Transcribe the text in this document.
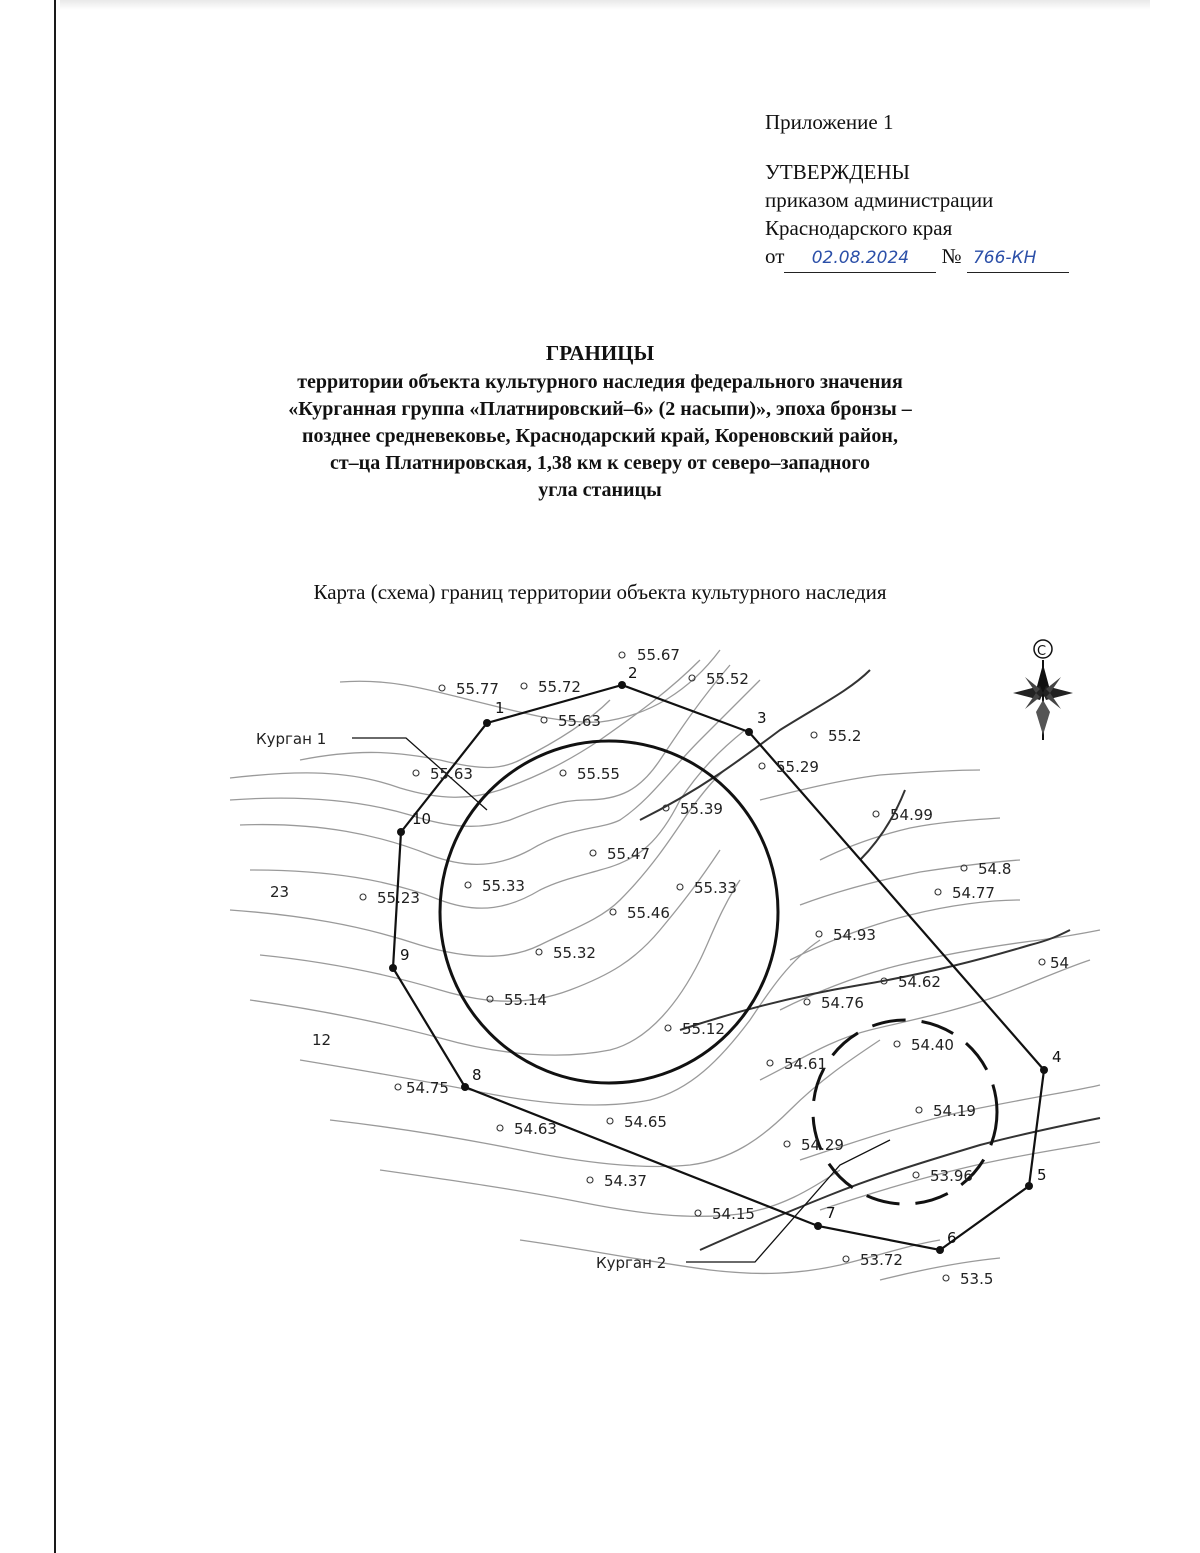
Приложение 1
УТВЕРЖДЕНЫ
приказом администрации
Краснодарского края
от 02.08.2024 № 766-КН
ГРАНИЦЫ
территории объекта культурного наследия федерального значения
«Курганная группа «Платнировский–6» (2 насыпи)», эпоха бронзы –
позднее средневековье, Краснодарский край, Кореновский район,
ст–ца Платнировская, 1,38 км к северу от северо–западного
угла станицы
Карта (схема) границ территории объекта культурного наследия
1
2
3
4
5
6
7
8
9
10
Курган 1
Курган 2
23
12
55.67
55.77	55.72	55.52
55.63
55.2
55.63	55.55	55.29
55.39	54.99
55.47
54.8
55.23
55.33	55.33	54.77
55.46
54.93
55.32
54.62
54
55.14	54.76
55.12
54.40
54.61
54.75
54.19
54.63	54.65
54.29
53.96
54.37
54.15
53.72
53.5
С
